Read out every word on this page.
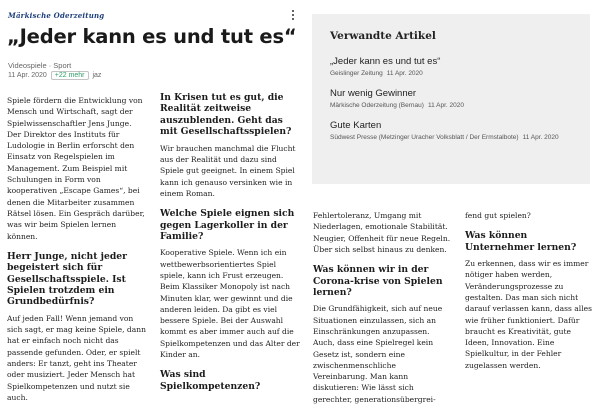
Märkische Oderzeitung
„Jeder kann es und tut es“
Videospiele · Sport
11 Apr. 2020 +22 mehr jaz
Verwandte Artikel
„Jeder kann es und tut es“
Geislinger Zeitung 11 Apr. 2020
Nur wenig Gewinner
Märkische Oderzeitung (Bernau) 11 Apr. 2020
Gute Karten
Südwest Presse (Metzinger Uracher Volksblatt / Der Ermstalbote) 11 Apr. 2020

Spiele fördern die Entwicklung von Mensch und Wirtschaft, sagt der Spielwissenschaftler Jens Junge. Der Direktor des Instituts für Ludologie in Berlin erforscht den Einsatz von Regelspielen im Management. Zum Beispiel mit Schulungen in Form von kooperativen „Escape Games“, bei denen die Mitarbeiter zusammen Rätsel lösen. Ein Gespräch darüber, was wir beim Spielen lernen können.

Herr Junge, nicht jeder begeistert sich für Gesellschaftsspiele. Ist Spielen trotzdem ein Grundbedürfnis?

Auf jeden Fall! Wenn jemand von sich sagt, er mag keine Spiele, dann hat er einfach noch nicht das passende gefunden. Oder, er spielt anders: Er tanzt, geht ins Theater oder musiziert. Jeder Mensch hat Spielkompetenzen und nutzt sie auch.

In Krisen tut es gut, die Realität zeitweise auszublenden. Geht das mit Gesellschaftsspielen?

Wir brauchen manchmal die Flucht aus der Realität und dazu sind Spiele gut geeignet. In einem Spiel kann ich genauso versinken wie in einem Roman.

Welche Spiele eignen sich gegen Lagerkoller in der Familie?

Kooperative Spiele. Wenn ich ein wettbewerbsorientiertes Spiel spiele, kann ich Frust erzeugen. Beim Klassiker Monopoly ist nach Minuten klar, wer gewinnt und die anderen leiden. Da gibt es viel bessere Spiele. Bei der Auswahl kommt es aber immer auch auf die Spielkompetenzen und das Alter der Kinder an.

Was sind Spielkompetenzen?

Fehlertoleranz, Umgang mit Niederlagen, emotionale Stabilität. Neugier, Offenheit für neue Regeln. Über sich selbst hinaus zu denken.

Was können wir in der Corona-krise von Spielen lernen?

Die Grundfähigkeit, sich auf neue Situationen einzulassen, sich an Einschränkungen anzupassen. Auch, dass eine Spielregel kein Gesetz ist, sondern eine zwischenmenschliche Vereinbarung. Man kann diskutieren: Wie lässt sich gerechter, generationsübergrei-

fend gut spielen?

Was können Unternehmer lernen?

Zu erkennen, dass wir es immer nötiger haben werden, Veränderungsprozesse zu gestalten. Das man sich nicht darauf verlassen kann, dass alles wie früher funktioniert. Dafür braucht es Kreativität, gute Ideen, Innovation. Eine Spielkultur, in der Fehler zugelassen werden.
